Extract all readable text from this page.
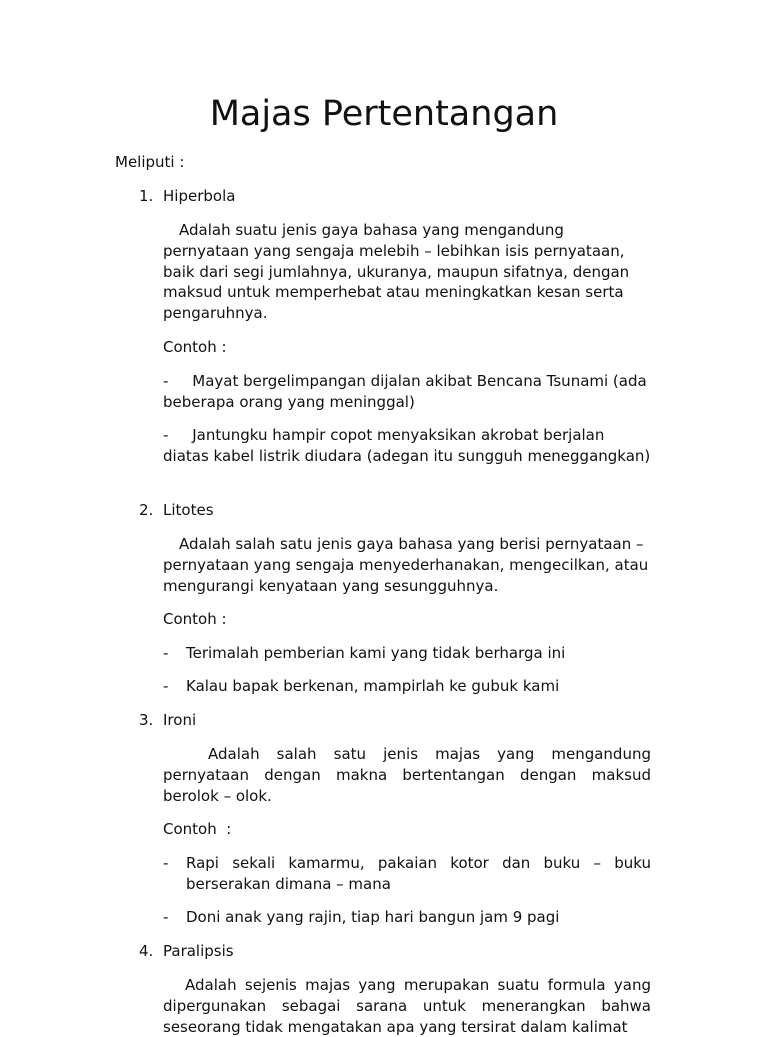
Majas Pertentangan
Meliputi :
1. Hiperbola

Adalah suatu jenis gaya bahasa yang mengandung pernyataan yang sengaja melebih – lebihkan isis pernyataan, baik dari segi jumlahnya, ukuranya, maupun sifatnya, dengan maksud untuk memperhebat atau meningkatkan kesan serta pengaruhnya.

Contoh :
-     Mayat bergelimpangan dijalan akibat Bencana Tsunami (ada beberapa orang yang meninggal)
-     Jantungku hampir copot menyaksikan akrobat berjalan diatas kabel listrik diudara (adegan itu sungguh meneggangkan)
2. Litotes

Adalah salah satu jenis gaya bahasa yang berisi pernyataan – pernyataan yang sengaja menyederhanakan, mengecilkan, atau mengurangi kenyataan yang sesungguhnya.

Contoh :
-	Terimalah pemberian kami yang tidak berharga ini
-	Kalau bapak berkenan, mampirlah ke gubuk kami
3. Ironi

Adalah salah satu jenis majas yang mengandung pernyataan dengan makna bertentangan dengan maksud berolok – olok.

Contoh  :
-	Rapi sekali kamarmu, pakaian kotor dan buku – buku berserakan dimana – mana
-	Doni anak yang rajin, tiap hari bangun jam 9 pagi
4. Paralipsis

Adalah sejenis majas yang merupakan suatu formula yang dipergunakan sebagai sarana untuk menerangkan bahwa seseorang tidak mengatakan apa yang tersirat dalam kalimat
